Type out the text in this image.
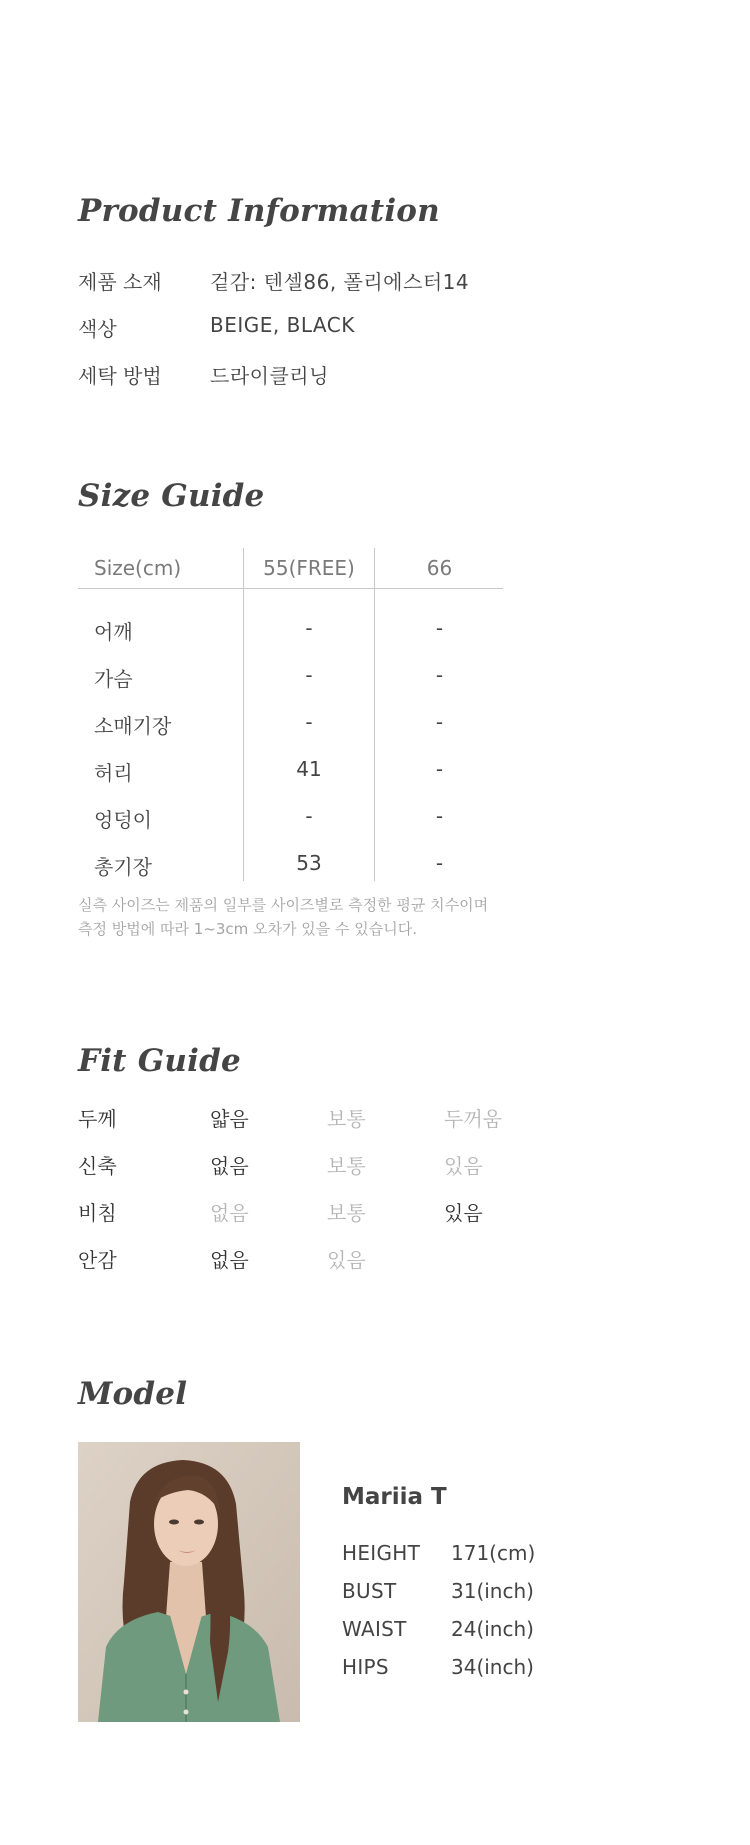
Product Information
제품 소재 겉감: 텐셀86, 폴리에스터14
색상	BEIGE, BLACK
세탁 방법 드라이클리닝
Size Guide
Size(cm)	55(FREE)	66
어깨	-	-
가슴	-	-
소매기장	-	-
허리	41	-
엉덩이	-	-
총기장	53	-
실측 사이즈는 제품의 일부를 사이즈별로 측정한 평균 치수이며
측정 방법에 따라 1~3cm 오차가 있을 수 있습니다.
Fit Guide
두께	얇음	보통	두꺼움
신축	없음	보통	있음
비침	없음	보통	있음
안감	없음	있음
Model
Mariia T
HEIGHT 171(cm)
BUST	31(inch)
WAIST 24(inch)
HIPS	34(inch)
